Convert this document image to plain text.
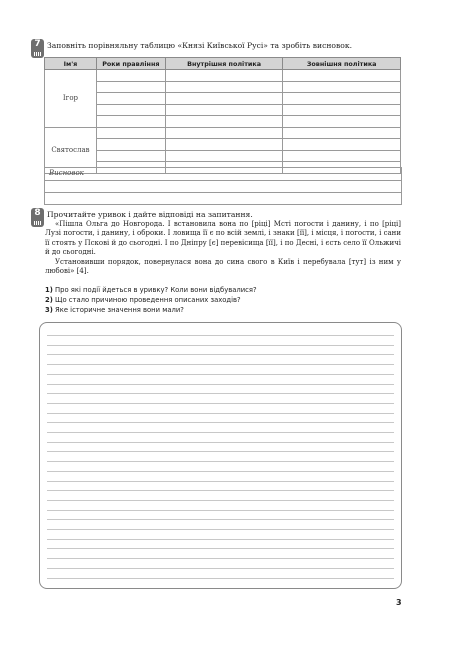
7 Заповніть порівняльну таблицю «Князі Київської Русі» та зробіть висновок.
Ім'я	Роки правління	Внутрішня політика	Зовнішня політика
Ігор			

Святослав			

Висновок
8 Прочитайте уривок і дайте відповіді на запитання.

«Пішла Ольга до Новгорода. І встановила вона по [ріці] Мсті погости і данину, і по [ріці] Лузі погости, і данину, і оброки. І ловища її є по всій землі, і знаки [її], і місця, і погости, і сани її стоять у Пскові й до сьогодні. І по Дніпру [є] перевісища [її], і по Десні, і єсть село її Ольжичі й до сьогодні.

Установивши порядок, повернулася вона до сина свого в Київ і перебувала [тут] із ним у любові» [4].

1) Про які події йдеться в уривку? Коли вони відбувалися?
2) Що стало причиною проведення описаних заходів?
3) Яке історичне значення вони мали?
3
